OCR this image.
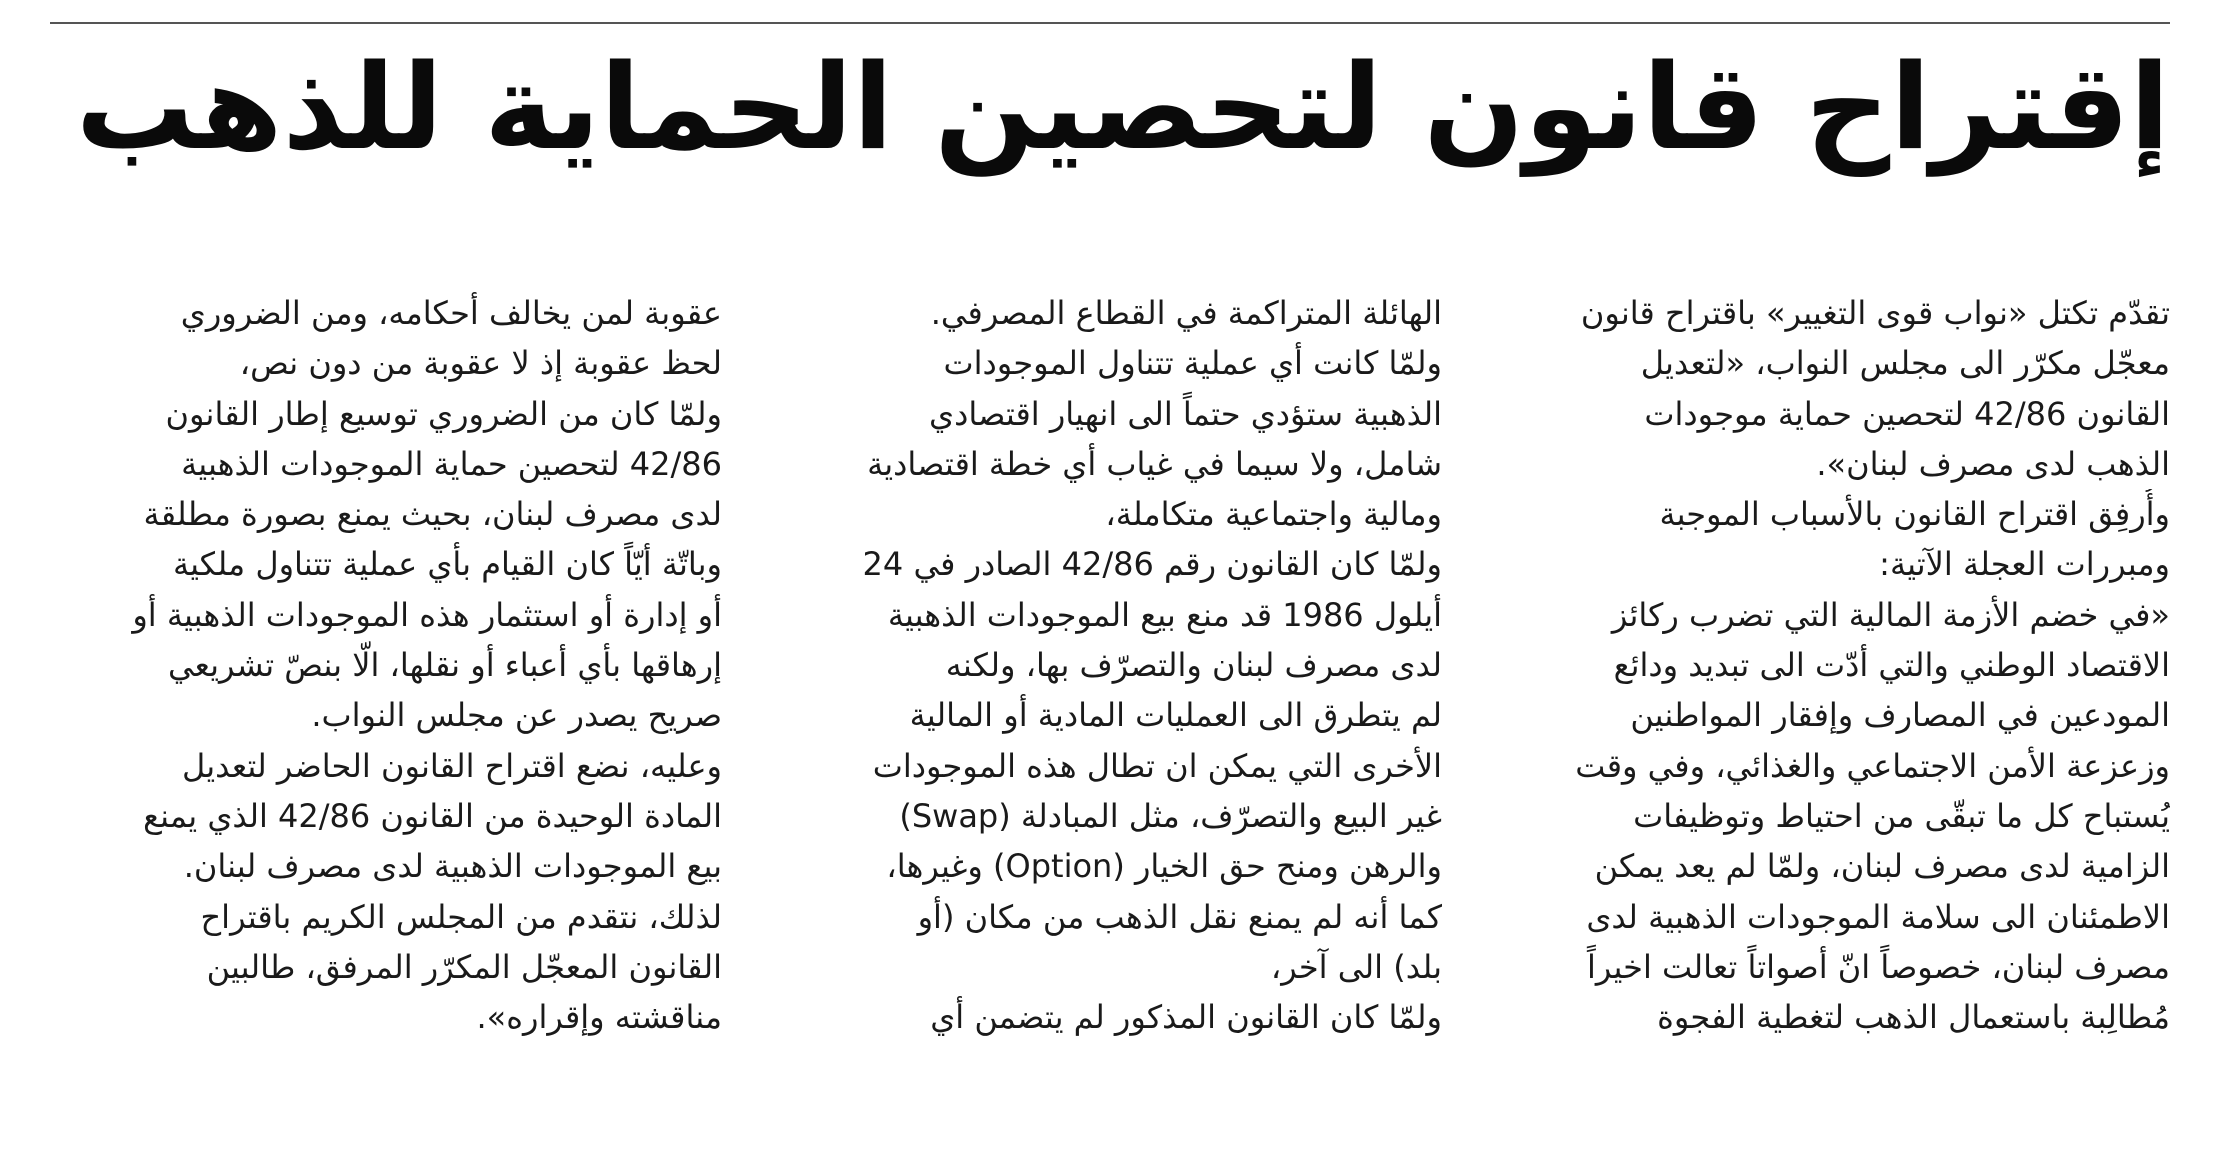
إقتراح قانون لتحصين الحماية للذهب
تقدّم تكتل «نواب قوى التغيير» باقتراح قانون
معجّل مكرّر الى مجلس النواب، «لتعديل
القانون 42/86 لتحصين حماية موجودات
الذهب لدى مصرف لبنان».
وأُرفِق اقتراح القانون بالأسباب الموجبة
ومبررات العجلة الآتية:
«في خضم الأزمة المالية التي تضرب ركائز
الاقتصاد الوطني والتي أدّت الى تبديد ودائع
المودعين في المصارف وإفقار المواطنين
وزعزعة الأمن الاجتماعي والغذائي، وفي وقت
يُستباح كل ما تبقّى من احتياط وتوظيفات
الزامية لدى مصرف لبنان، ولمّا لم يعد يمكن
الاطمئنان الى سلامة الموجودات الذهبية لدى
مصرف لبنان، خصوصاً انّ أصواتاً تعالت اخيراً
مُطالِبة باستعمال الذهب لتغطية الفجوة
الهائلة المتراكمة في القطاع المصرفي.
ولمّا كانت أي عملية تتناول الموجودات
الذهبية ستؤدي حتماً الى انهيار اقتصادي
شامل، ولا سيما في غياب أي خطة اقتصادية
ومالية واجتماعية متكاملة،
ولمّا كان القانون رقم 42/86 الصادر في 24
أيلول 1986 قد منع بيع الموجودات الذهبية
لدى مصرف لبنان والتصرّف بها، ولكنه
لم يتطرق الى العمليات المادية أو المالية
الأخرى التي يمكن ان تطال هذه الموجودات
غير البيع والتصرّف، مثل المبادلة (Swap)
والرهن ومنح حق الخيار (Option) وغيرها،
كما أنه لم يمنع نقل الذهب من مكان (أو
بلد) الى آخر،
ولمّا كان القانون المذكور لم يتضمن أي
عقوبة لمن يخالف أحكامه، ومن الضروري
لحظ عقوبة إذ لا عقوبة من دون نص،
ولمّا كان من الضروري توسيع إطار القانون
42/86 لتحصين حماية الموجودات الذهبية
لدى مصرف لبنان، بحيث يمنع بصورة مطلقة
وباتّة أيّاً كان القيام بأي عملية تتناول ملكية
أو إدارة أو استثمار هذه الموجودات الذهبية أو
إرهاقها بأي أعباء أو نقلها، الّا بنصّ تشريعي
صريح يصدر عن مجلس النواب.
وعليه، نضع اقتراح القانون الحاضر لتعديل
المادة الوحيدة من القانون 42/86 الذي يمنع
بيع الموجودات الذهبية لدى مصرف لبنان.
لذلك، نتقدم من المجلس الكريم باقتراح
القانون المعجّل المكرّر المرفق، طالبين
مناقشته وإقراره».
